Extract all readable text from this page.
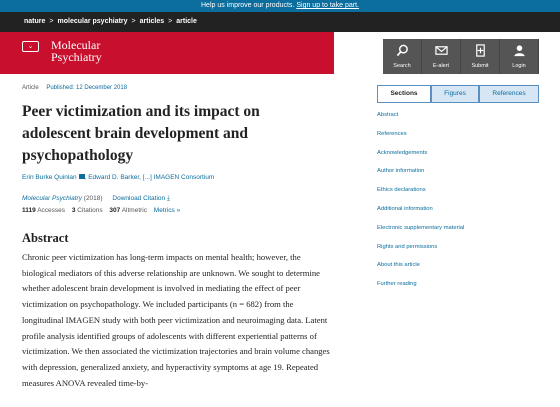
Help us improve our products. Sign up to take part.
nature > molecular psychiatry > articles > article
⌄	Molecular
Psychiatry
Search	E-alert	Submit	Login
Article Published: 12 December 2018
Peer victimization and its impact on adolescent brain development and psychopathology
Erin Burke Quinlan , Edward D. Barker, [...] IMAGEN Consortium
Molecular Psychiatry (2018) Download Citation ⤓
1119 Accesses 3 Citations 307 Altmetric Metrics »
Abstract

Chronic peer victimization has long-term impacts on mental health; however, the biological mediators of this adverse relationship are unknown. We sought to determine whether adolescent brain development is involved in mediating the effect of peer victimization on psychopathology. We included participants (n = 682) from the longitudinal IMAGEN study with both peer victimization and neuroimaging data. Latent profile analysis identified groups of adolescents with different experiential patterns of victimization. We then associated the victimization trajectories and brain volume changes with depression, generalized anxiety, and hyperactivity symptoms at age 19. Repeated measures ANOVA revealed time-by-

Sections	Figures	References
Abstract
References
Acknowledgements
Author information
Ethics declarations
Additional information
Electronic supplementary material
Rights and permissions
About this article
Further reading
